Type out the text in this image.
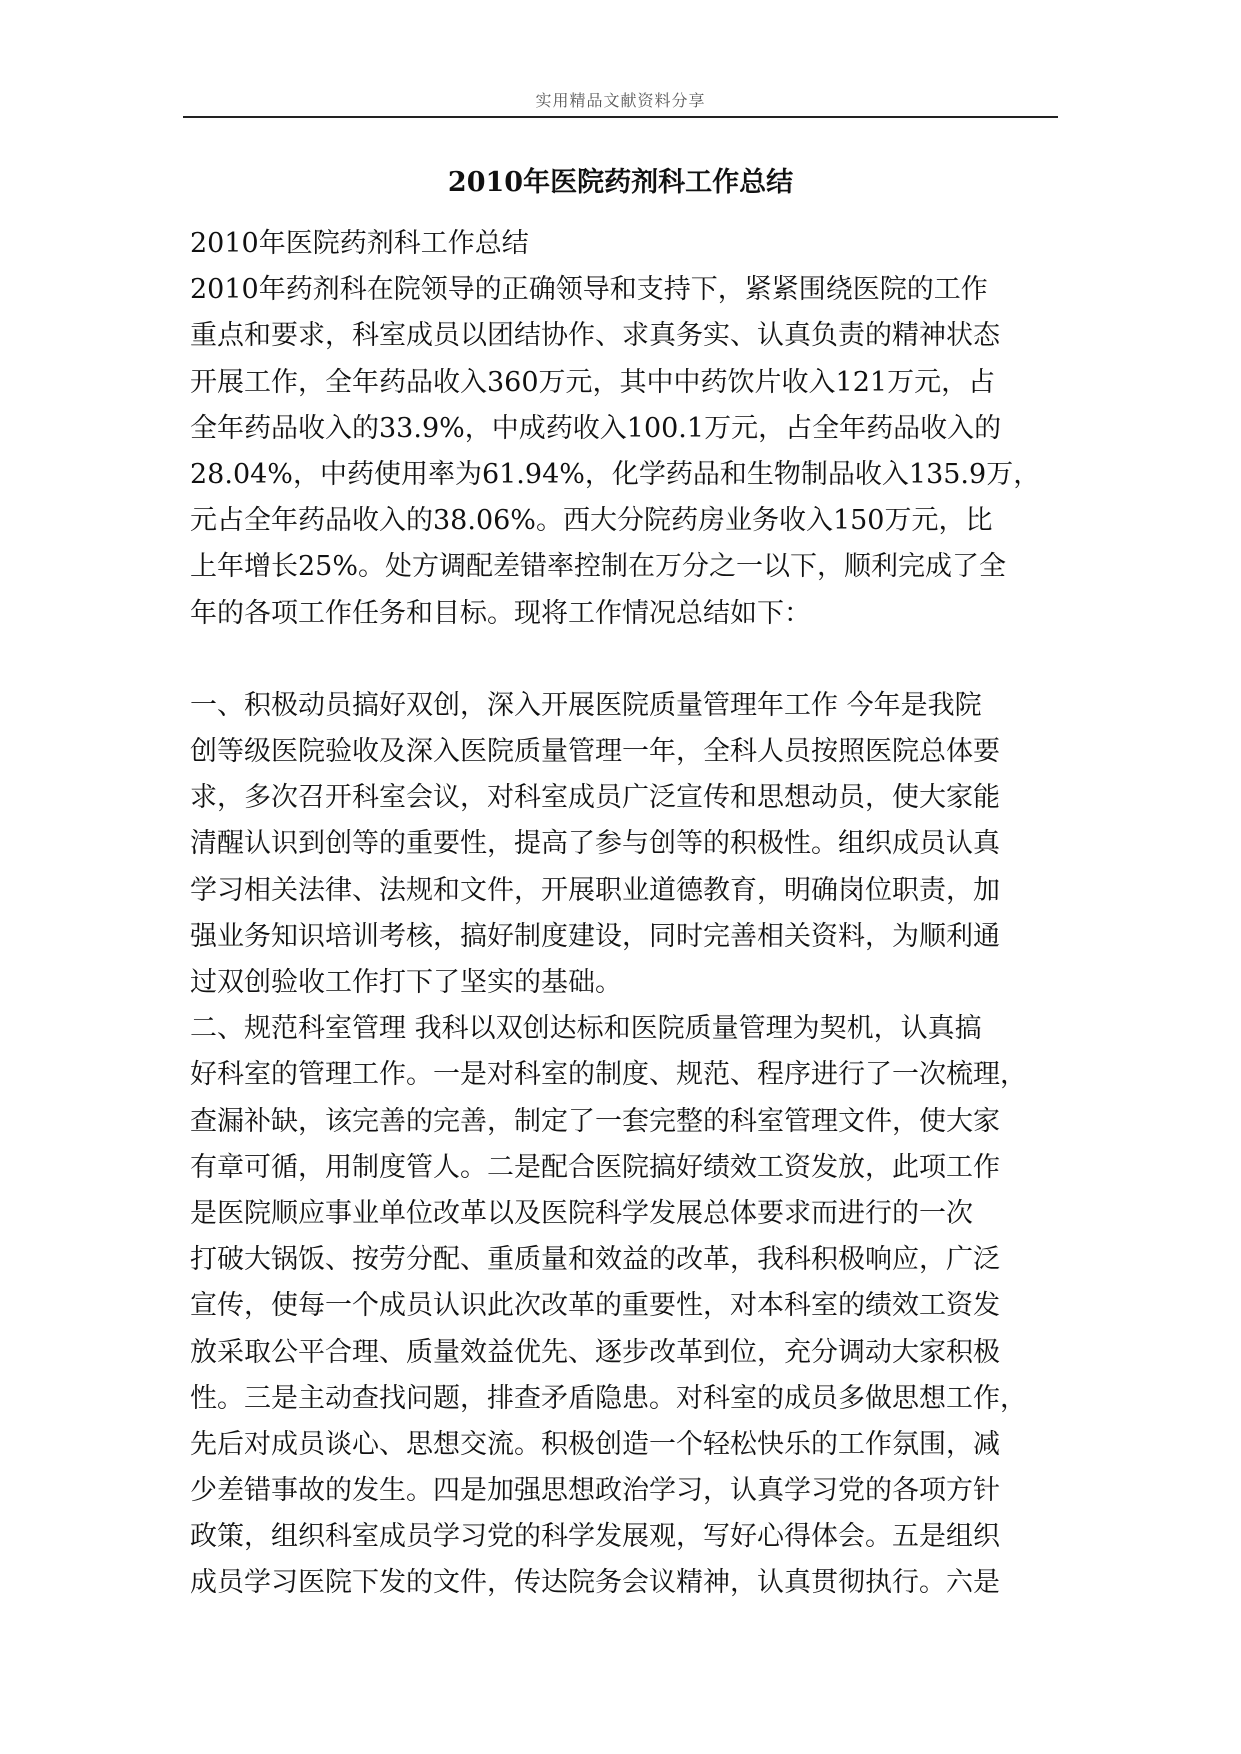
实用精品文献资料分享
2010年医院药剂科工作总结
2010年医院药剂科工作总结
2010年药剂科在院领导的正确领导和支持下，紧紧围绕医院的工作
重点和要求，科室成员以团结协作、求真务实、认真负责的精神状态
开展工作，全年药品收入360万元，其中中药饮片收入121万元，占
全年药品收入的33.9%，中成药收入100.1万元，占全年药品收入的
28.04%，中药使用率为61.94%，化学药品和生物制品收入135.9万，
元占全年药品收入的38.06%。西大分院药房业务收入150万元，比
上年增长25%。处方调配差错率控制在万分之一以下，顺利完成了全
年的各项工作任务和目标。现将工作情况总结如下：
一、积极动员搞好双创，深入开展医院质量管理年工作 今年是我院
创等级医院验收及深入医院质量管理一年，全科人员按照医院总体要
求，多次召开科室会议，对科室成员广泛宣传和思想动员，使大家能
清醒认识到创等的重要性，提高了参与创等的积极性。组织成员认真
学习相关法律、法规和文件，开展职业道德教育，明确岗位职责，加
强业务知识培训考核，搞好制度建设，同时完善相关资料，为顺利通
过双创验收工作打下了坚实的基础。
二、规范科室管理 我科以双创达标和医院质量管理为契机，认真搞
好科室的管理工作。一是对科室的制度、规范、程序进行了一次梳理，
查漏补缺，该完善的完善，制定了一套完整的科室管理文件，使大家
有章可循，用制度管人。二是配合医院搞好绩效工资发放，此项工作
是医院顺应事业单位改革以及医院科学发展总体要求而进行的一次
打破大锅饭、按劳分配、重质量和效益的改革，我科积极响应，广泛
宣传，使每一个成员认识此次改革的重要性，对本科室的绩效工资发
放采取公平合理、质量效益优先、逐步改革到位，充分调动大家积极
性。三是主动查找问题，排查矛盾隐患。对科室的成员多做思想工作，
先后对成员谈心、思想交流。积极创造一个轻松快乐的工作氛围，减
少差错事故的发生。四是加强思想政治学习，认真学习党的各项方针
政策，组织科室成员学习党的科学发展观，写好心得体会。五是组织
成员学习医院下发的文件，传达院务会议精神，认真贯彻执行。六是
